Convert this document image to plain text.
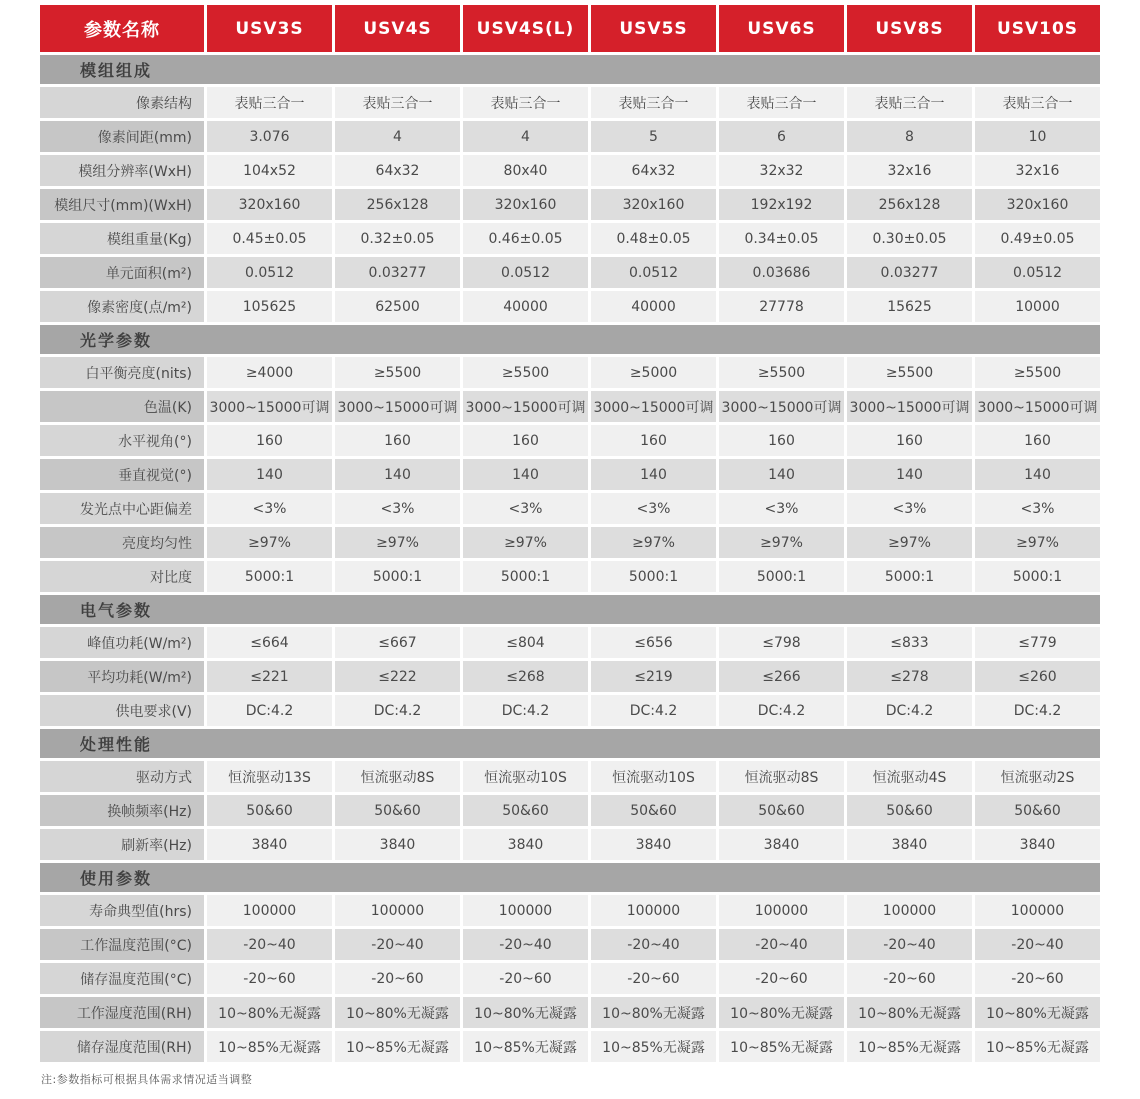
参数名称	USV3S	USV4S	USV4S(L)	USV5S	USV6S	USV8S	USV10S
模组组成
像素结构	表贴三合一	表贴三合一	表贴三合一	表贴三合一	表贴三合一	表贴三合一	表贴三合一
像素间距(mm)	3.076	4	4	5	6	8	10
模组分辨率(WxH)	104x52	64x32	80x40	64x32	32x32	32x16	32x16
模组尺寸(mm)(WxH)	320x160	256x128	320x160	320x160	192x192	256x128	320x160
模组重量(Kg)	0.45±0.05	0.32±0.05	0.46±0.05	0.48±0.05	0.34±0.05	0.30±0.05	0.49±0.05
单元面积(m²)	0.0512	0.03277	0.0512	0.0512	0.03686	0.03277	0.0512
像素密度(点/m²)	105625	62500	40000	40000	27778	15625	10000
光学参数
白平衡亮度(nits)	≥4000	≥5500	≥5500	≥5000	≥5500	≥5500	≥5500
色温(K)	3000~15000可调 3000~15000可调 3000~15000可调 3000~15000可调 3000~15000可调 3000~15000可调 3000~15000可调
水平视角(°)	160	160	160	160	160	160	160
垂直视觉(°)	140	140	140	140	140	140	140
发光点中心距偏差	<3%	<3%	<3%	<3%	<3%	<3%	<3%
亮度均匀性	≥97%	≥97%	≥97%	≥97%	≥97%	≥97%	≥97%
对比度	5000:1	5000:1	5000:1	5000:1	5000:1	5000:1	5000:1
电气参数
峰值功耗(W/m²)	≤664	≤667	≤804	≤656	≤798	≤833	≤779
平均功耗(W/m²)	≤221	≤222	≤268	≤219	≤266	≤278	≤260
供电要求(V)	DC:4.2	DC:4.2	DC:4.2	DC:4.2	DC:4.2	DC:4.2	DC:4.2
处理性能
驱动方式	恒流驱动13S	恒流驱动8S	恒流驱动10S	恒流驱动10S	恒流驱动8S	恒流驱动4S	恒流驱动2S
换帧频率(Hz)	50&60	50&60	50&60	50&60	50&60	50&60	50&60
刷新率(Hz)	3840	3840	3840	3840	3840	3840	3840
使用参数
寿命典型值(hrs)	100000	100000	100000	100000	100000	100000	100000
工作温度范围(°C)	-20~40	-20~40	-20~40	-20~40	-20~40	-20~40	-20~40
储存温度范围(°C)	-20~60	-20~60	-20~60	-20~60	-20~60	-20~60	-20~60
工作湿度范围(RH)	10~80%无凝露	10~80%无凝露	10~80%无凝露	10~80%无凝露	10~80%无凝露	10~80%无凝露	10~80%无凝露
储存湿度范围(RH)	10~85%无凝露	10~85%无凝露	10~85%无凝露	10~85%无凝露	10~85%无凝露	10~85%无凝露	10~85%无凝露
注:参数指标可根据具体需求情况适当调整
